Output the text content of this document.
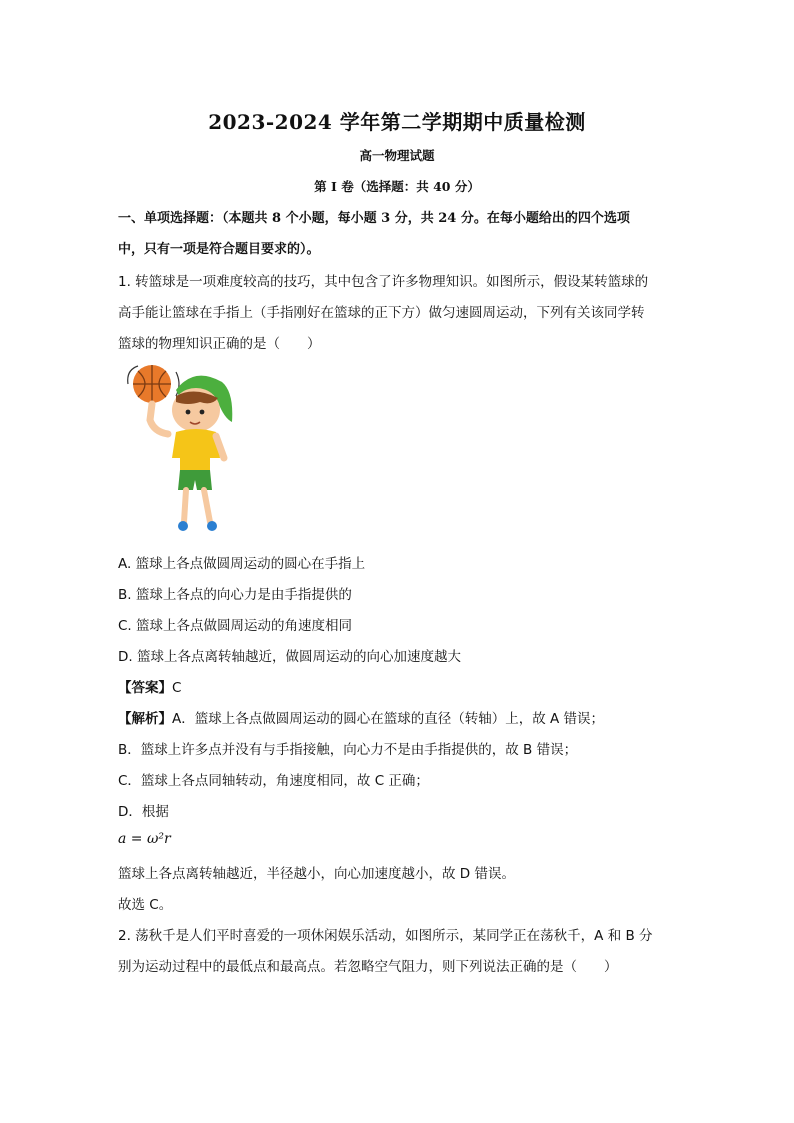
2023-2024 学年第二学期期中质量检测
高一物理试题
第 I 卷（选择题：共 40 分）
一、单项选择题：（本题共 8 个小题，每小题 3 分，共 24 分。在每小题给出的四个选项
中，只有一项是符合题目要求的）。
1. 转篮球是一项难度较高的技巧，其中包含了许多物理知识。如图所示，假设某转篮球的
高手能让篮球在手指上（手指刚好在篮球的正下方）做匀速圆周运动，下列有关该同学转
篮球的物理知识正确的是（　　）
A. 篮球上各点做圆周运动的圆心在手指上
B. 篮球上各点的向心力是由手指提供的
C. 篮球上各点做圆周运动的角速度相同
D. 篮球上各点离转轴越近，做圆周运动的向心加速度越大
【答案】C
【解析】A．篮球上各点做圆周运动的圆心在篮球的直径（转轴）上，故 A 错误；
B．篮球上许多点并没有与手指接触，向心力不是由手指提供的，故 B 错误；
C．篮球上各点同轴转动，角速度相同，故 C 正确；
D．根据
a = ω²r
篮球上各点离转轴越近，半径越小，向心加速度越小，故 D 错误。
故选 C。
2. 荡秋千是人们平时喜爱的一项休闲娱乐活动，如图所示，某同学正在荡秋千，A 和 B 分
别为运动过程中的最低点和最高点。若忽略空气阻力，则下列说法正确的是（　　）
